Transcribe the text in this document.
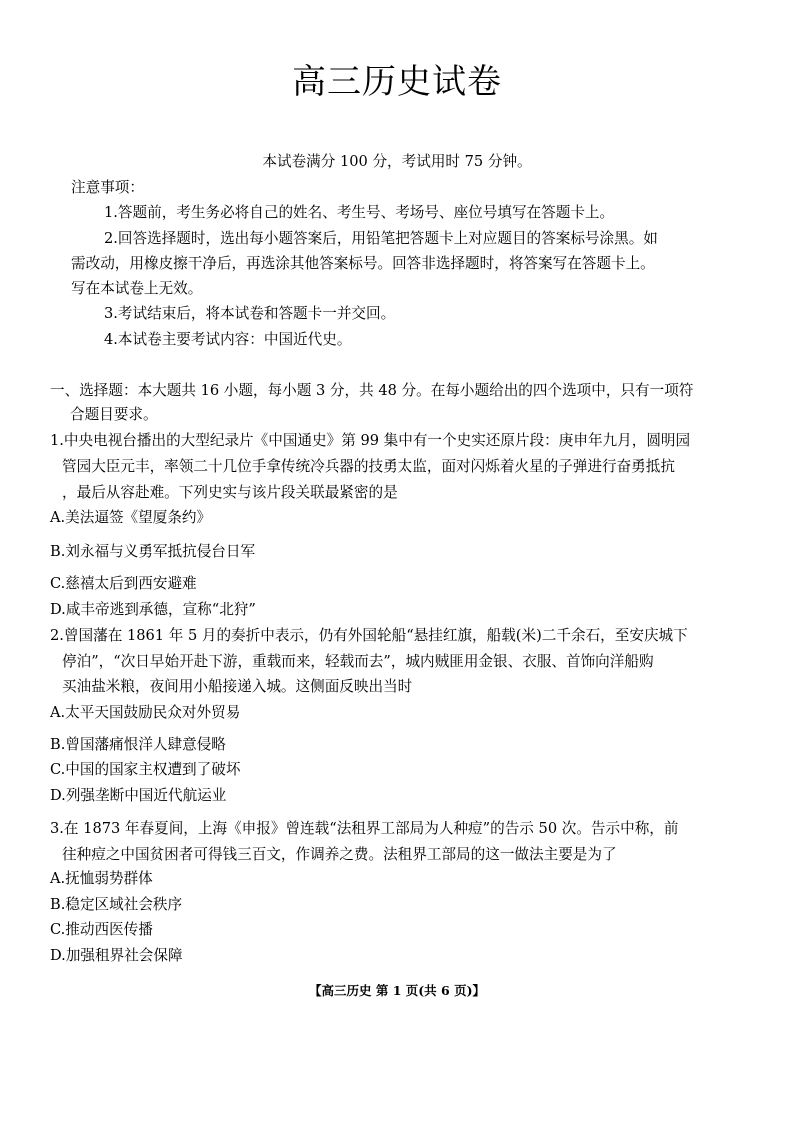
高三历史试卷

本试卷满分 100 分，考试用时 75 分钟。

注意事项：

1.答题前，考生务必将自己的姓名、考生号、考场号、座位号填写在答题卡上。

2.回答选择题时，选出每小题答案后，用铅笔把答题卡上对应题目的答案标号涂黑。如

需改动，用橡皮擦干净后，再选涂其他答案标号。回答非选择题时，将答案写在答题卡上。

写在本试卷上无效。

3.考试结束后，将本试卷和答题卡一并交回。

4.本试卷主要考试内容：中国近代史。

一、选择题：本大题共 16 小题，每小题 3 分，共 48 分。在每小题给出的四个选项中，只有一项符

合题目要求。

1.中央电视台播出的大型纪录片《中国通史》第 99 集中有一个史实还原片段：庚申年九月，圆明园

管园大臣元丰，率领二十几位手拿传统冷兵器的技勇太监，面对闪烁着火星的子弹进行奋勇抵抗

，最后从容赴难。下列史实与该片段关联最紧密的是

A.美法逼签《望厦条约》

B.刘永福与义勇军抵抗侵台日军

C.慈禧太后到西安避难

D.咸丰帝逃到承德，宣称“北狩”

2.曾国藩在 1861 年 5 月的奏折中表示，仍有外国轮船“悬挂红旗，船载(米)二千余石，至安庆城下

停泊”，“次日早始开赴下游，重载而来，轻载而去”，城内贼匪用金银、衣服、首饰向洋船购

买油盐米粮，夜间用小船接递入城。这侧面反映出当时

A.太平天国鼓励民众对外贸易

B.曾国藩痛恨洋人肆意侵略

C.中国的国家主权遭到了破坏

D.列强垄断中国近代航运业

3.在 1873 年春夏间，上海《申报》曾连载“法租界工部局为人种痘”的告示 50 次。告示中称，前

往种痘之中国贫困者可得钱三百文，作调养之费。法租界工部局的这一做法主要是为了

A.抚恤弱势群体

B.稳定区域社会秩序

C.推动西医传播

D.加强租界社会保障

【高三历史 第 1 页(共 6 页)】
